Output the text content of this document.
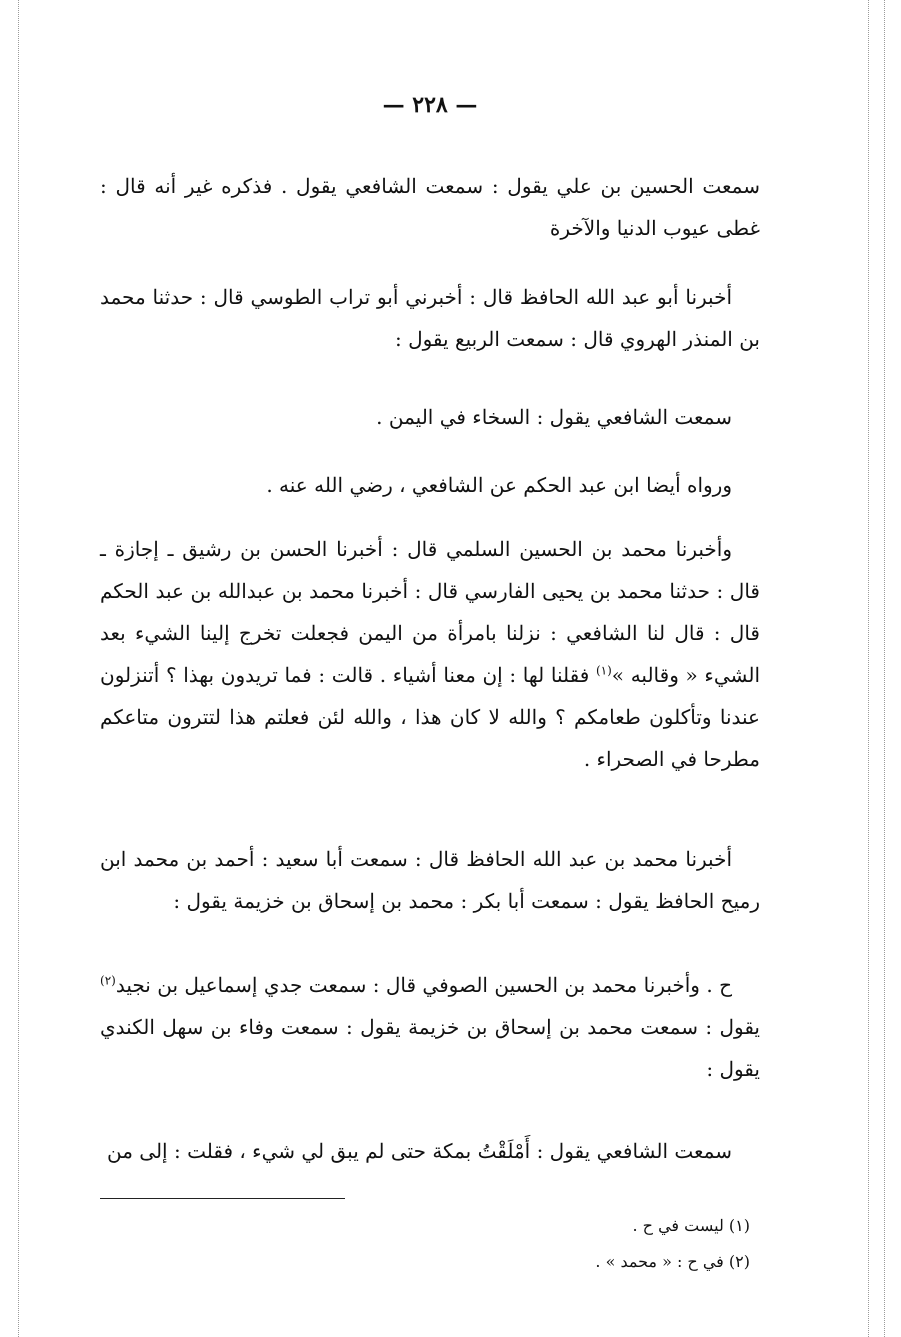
— ٢٢٨ —

سمعت الحسين بن علي يقول : سمعت الشافعي يقول . فذكره غير أنه قال : غطى عيوب الدنيا والآخرة

أخبرنا أبو عبد الله الحافظ قال : أخبرني أبو تراب الطوسي قال : حدثنا محمد بن المنذر الهروي قال : سمعت الربيع يقول :

سمعت الشافعي يقول : السخاء في اليمن .

ورواه أيضا ابن عبد الحكم عن الشافعي ، رضي الله عنه .

وأخبرنا محمد بن الحسين السلمي قال : أخبرنا الحسن بن رشيق ـ إجازة ـ قال : حدثنا محمد بن يحيى الفارسي قال : أخبرنا محمد بن عبدالله بن عبد الحكم قال : قال لنا الشافعي : نزلنا بامرأة من اليمن فجعلت تخرج إلينا الشيء بعد الشيء « وقالبه »$^{(١)}$ فقلنا لها : إن معنا أشياء . قالت : فما تريدون بهذا ؟ أتنزلون عندنا وتأكلون طعامكم ؟ والله لا كان هذا ، والله لئن فعلتم هذا لتترون متاعكم مطرحا في الصحراء .

أخبرنا محمد بن عبد الله الحافظ قال : سمعت أبا سعيد : أحمد بن محمد ابن رميح الحافظ يقول : سمعت أبا بكر : محمد بن إسحاق بن خزيمة يقول :

ح . وأخبرنا محمد بن الحسين الصوفي قال : سمعت جدي إسماعيل بن نجيد$^{(٢)}$ يقول : سمعت محمد بن إسحاق بن خزيمة يقول : سمعت وفاء بن سهل الكندي يقول :

سمعت الشافعي يقول : أَمْلَقْتُ بمكة حتى لم يبق لي شيء ، فقلت : إلى من

(١) ليست في ح .
(٢) في ح : « محمد » .
